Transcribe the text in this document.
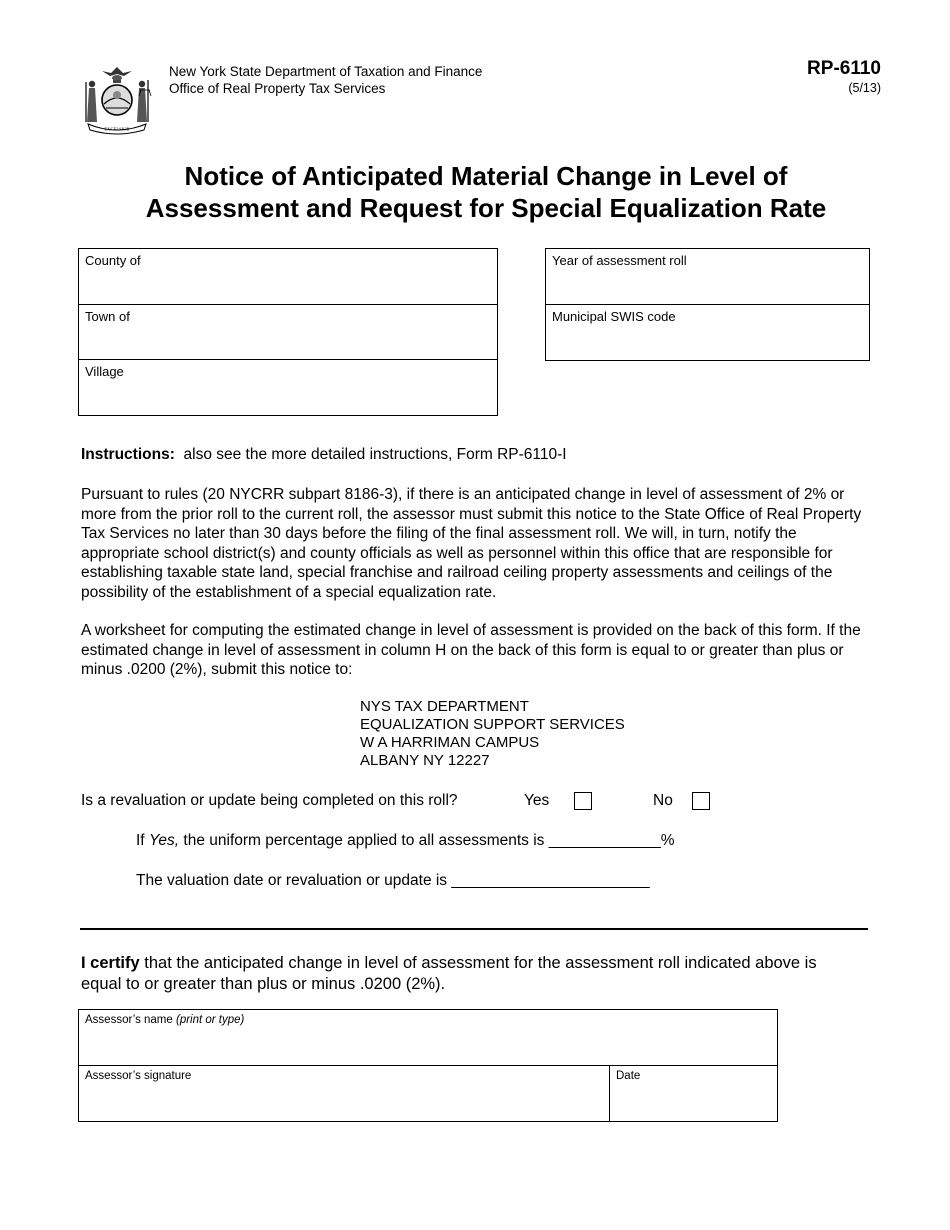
EXCELSIOR
New York State Department of Taxation and Finance
Office of Real Property Tax Services
RP-6110
(5/13)
Notice of Anticipated Material Change in Level of
Assessment and Request for Special Equalization Rate
County of
Town of
Village
Year of assessment roll
Municipal SWIS code
Instructions: also see the more detailed instructions, Form RP-6110-I
Pursuant to rules (20 NYCRR subpart 8186-3), if there is an anticipated change in level of assessment of 2% or more from the prior roll to the current roll, the assessor must submit this notice to the State Office of Real Property Tax Services no later than 30 days before the filing of the final assessment roll. We will, in turn, notify the appropriate school district(s) and county officials as well as personnel within this office that are responsible for establishing taxable state land, special franchise and railroad ceiling property assessments and ceilings of the possibility of the establishment of a special equalization rate.
A worksheet for computing the estimated change in level of assessment is provided on the back of this form. If the estimated change in level of assessment in column H on the back of this form is equal to or greater than plus or minus .0200 (2%), submit this notice to:
NYS TAX DEPARTMENT
EQUALIZATION SUPPORT SERVICES
W A HARRIMAN CAMPUS
ALBANY NY 12227
Is a revaluation or update being completed on this roll?	Yes	No
If Yes, the uniform percentage applied to all assessments is _____________%
The valuation date or revaluation or update is _______________________
I certify that the anticipated change in level of assessment for the assessment roll indicated above is equal to or greater than plus or minus .0200 (2%).
Assessor’s name (print or type)
Assessor’s signature	Date
